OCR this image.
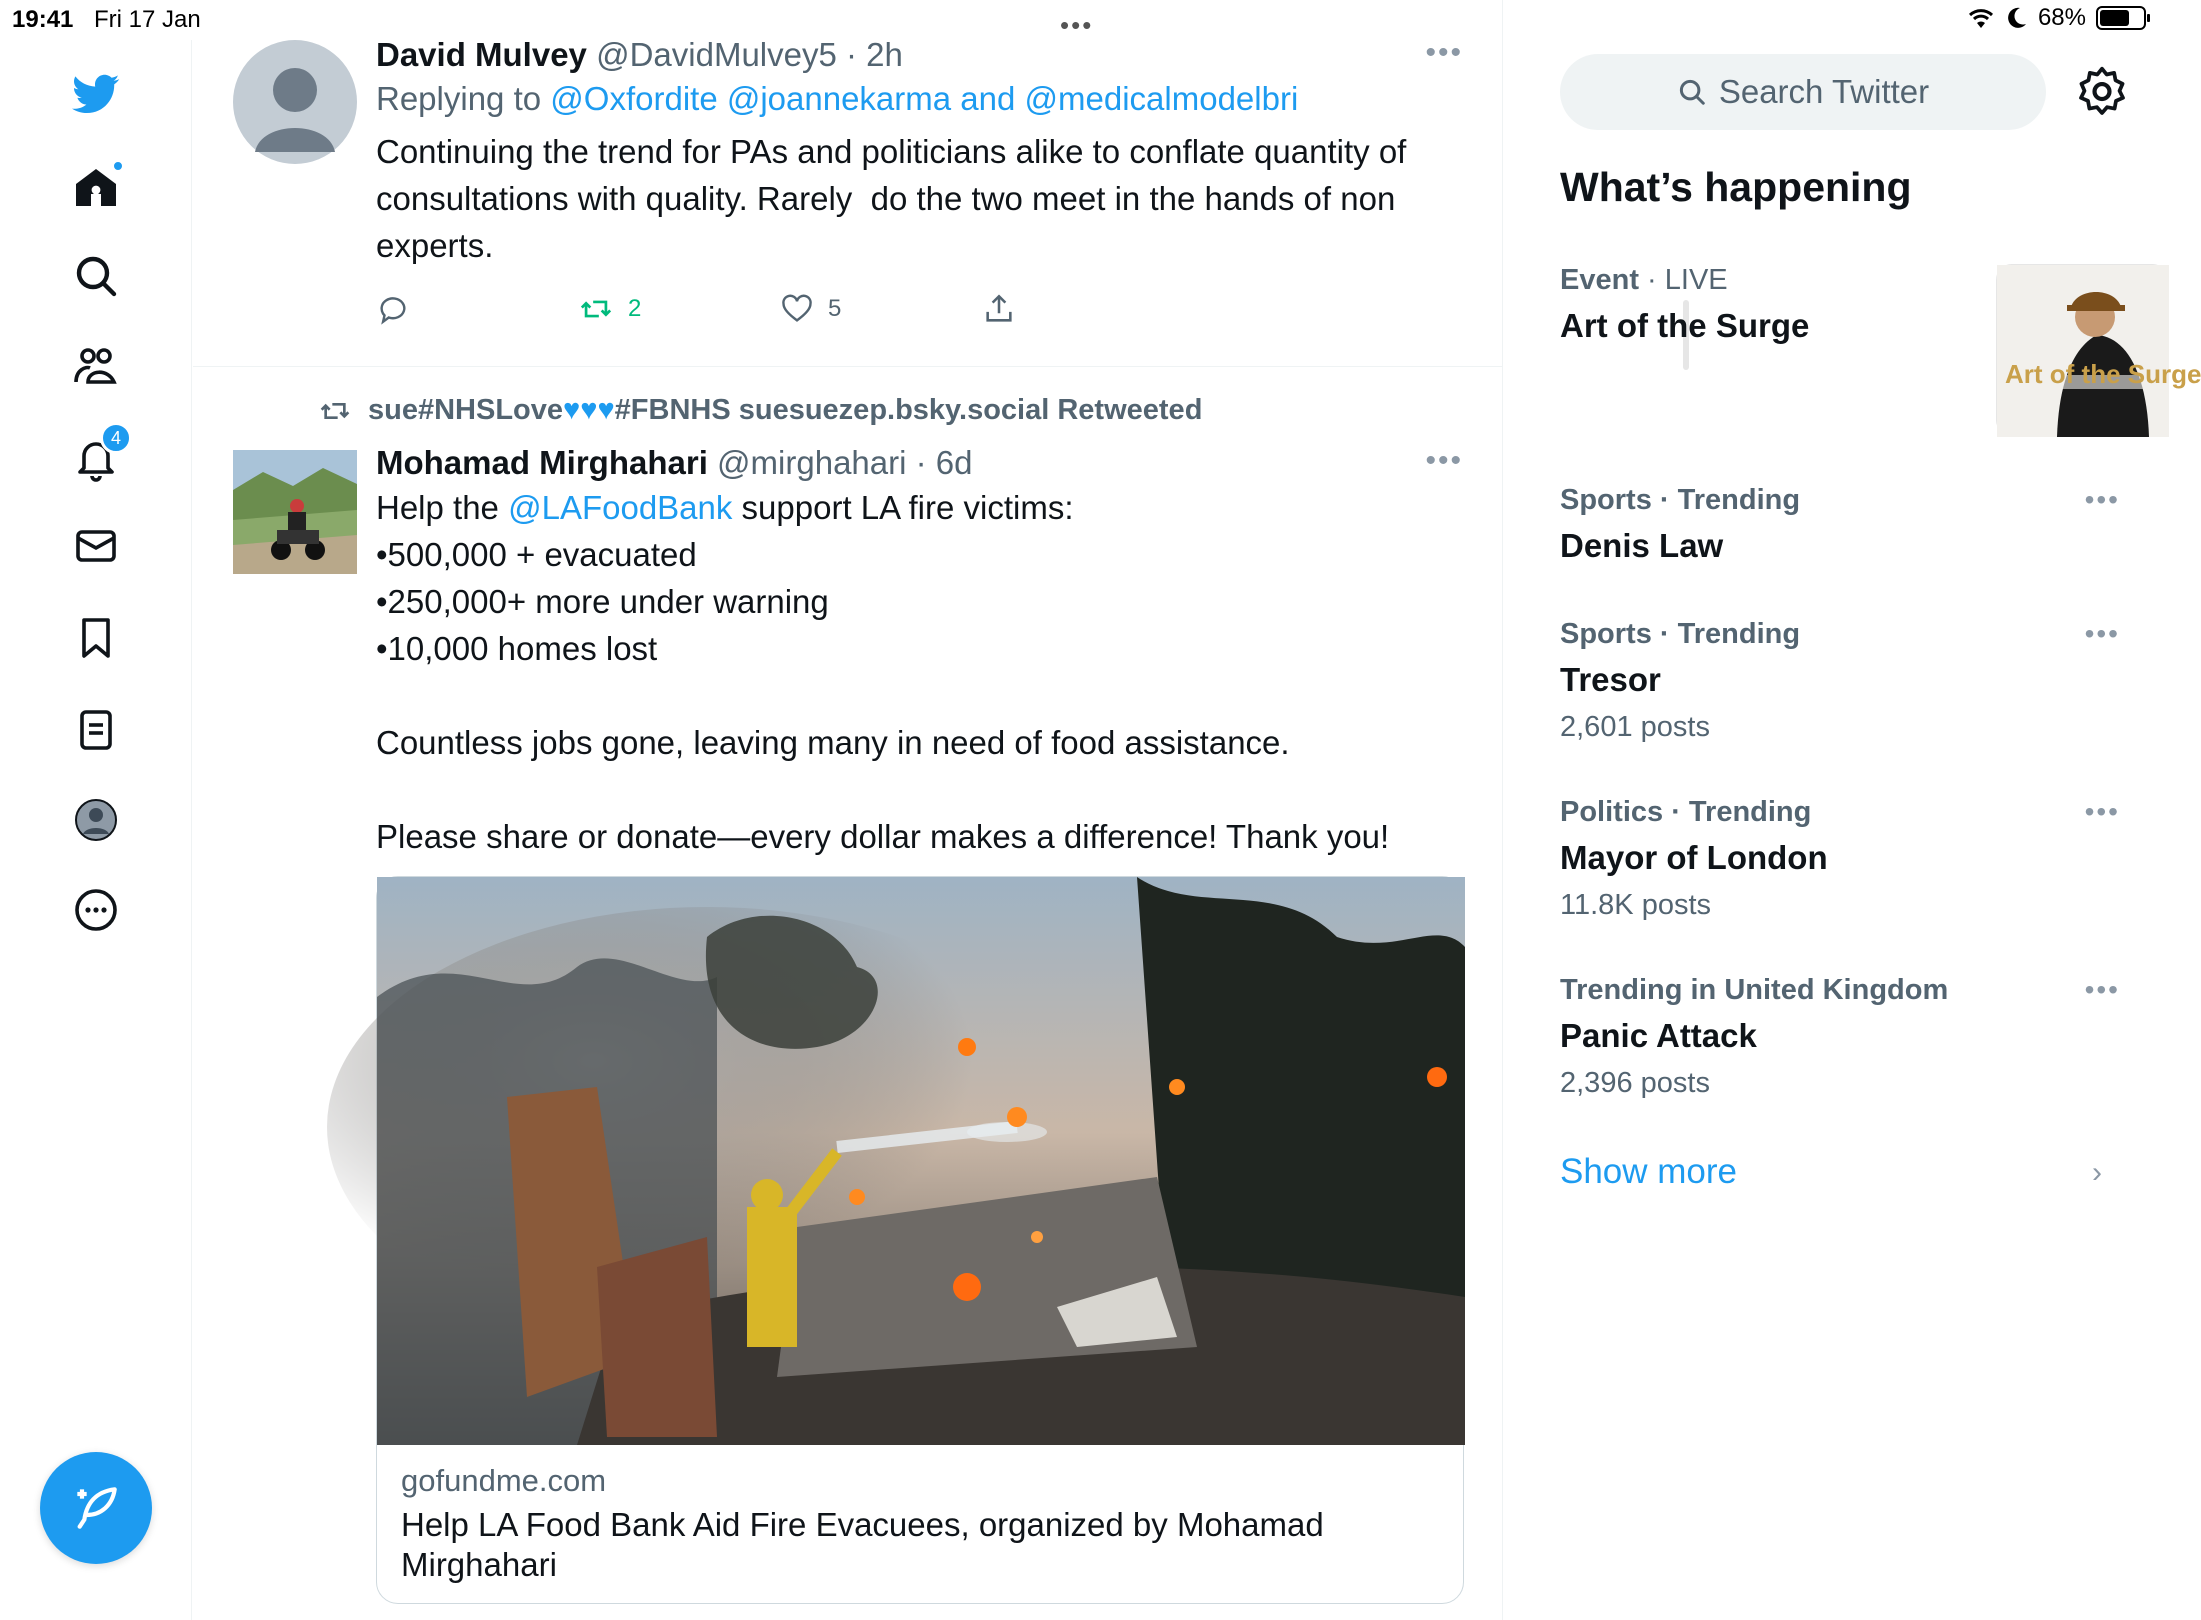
19:41 Fri 17 Jan	•••	68%
4
David Mulvey @DavidMulvey5 · 2h
Replying to @Oxfordite @joannekarma and @medicalmodelbri
Continuing the trend for PAs and politicians alike to conflate quantity of consultations with quality. Rarely  do the two meet in the hands of non experts.
2	5
•••
sue#NHSLove♥♥♥#FBNHS suesuezep.bsky.social Retweeted
Mohamad Mirghahari @mirghahari · 6d
Help the @LAFoodBank support LA fire victims:
•500,000 + evacuated
•250,000+ more under warning
•10,000 homes lost

Countless jobs gone, leaving many in need of food assistance.

Please share or donate—every dollar makes a difference! Thank you!
•••
gofundme.com
Help LA Food Bank Aid Fire Evacuees, organized by Mohamad Mirghahari
Search Twitter
What’s happening
Event · LIVE
Art of the Surge
Art of the Surge
Sports · Trending
Denis Law
•••
Sports · Trending
Tresor
2,601 posts
•••
Politics · Trending
Mayor of London
11.8K posts
•••
Trending in United Kingdom
Panic Attack
2,396 posts
•••
Show more	›
